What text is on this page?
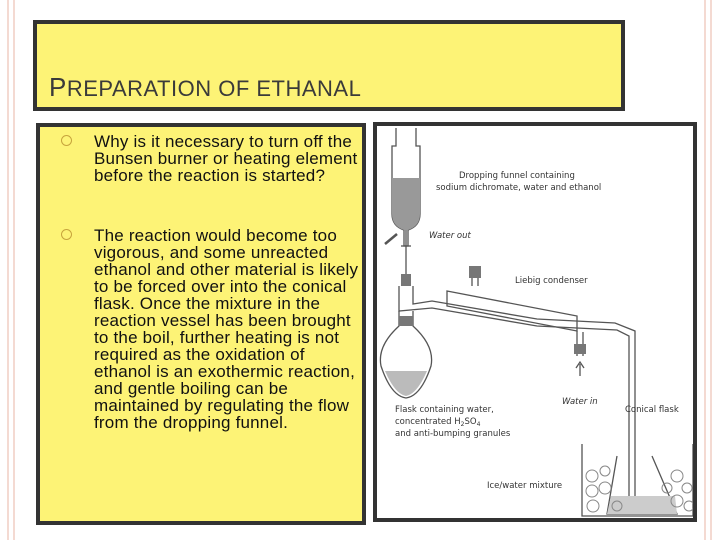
PREPARATION OF ETHANAL
Why is it necessary to turn off the Bunsen burner or heating element before the reaction is started?
The reaction would become too vigorous, and some unreacted ethanol and other material is likely to be forced over into the conical flask. Once the mixture in the reaction vessel has been brought to the boil, further heating is not required as the oxidation of ethanol is an exothermic reaction, and gentle boiling can be maintained by regulating the flow from the dropping funnel.
Dropping funnel containing
sodium dichromate, water and ethanol
Water out
Liebig condenser
Water in
Flask containing water,
concentrated $H_2SO_4$
and anti-bumping granules
Conical flask
Ice/water mixture
